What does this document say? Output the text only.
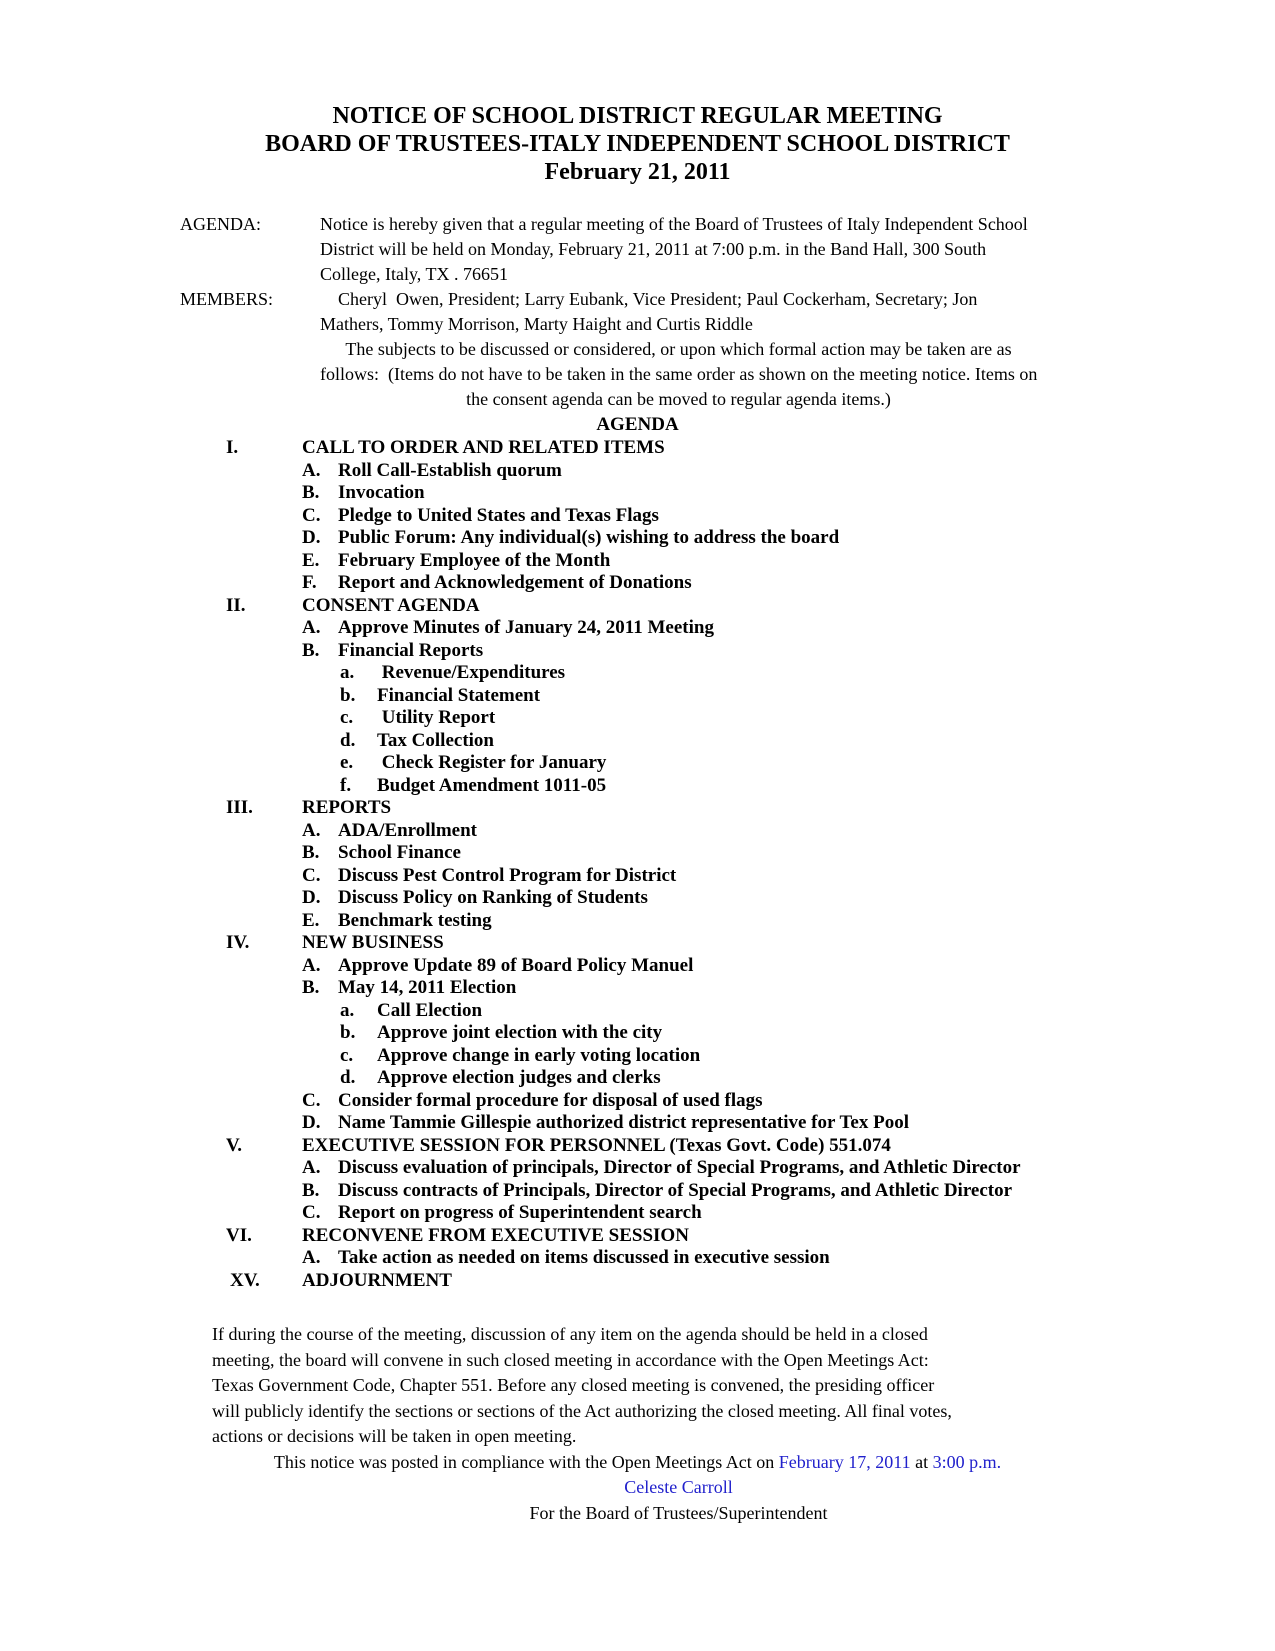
NOTICE OF SCHOOL DISTRICT REGULAR MEETING
BOARD OF TRUSTEES-ITALY INDEPENDENT SCHOOL DISTRICT
February 21, 2011
AGENDA:	Notice is hereby given that a regular meeting of the Board of Trustees of Italy Independent School
District will be held on Monday, February 21, 2011 at 7:00 p.m. in the Band Hall, 300 South
College, Italy, TX . 76651
MEMBERS:	Cheryl  Owen, President; Larry Eubank, Vice President; Paul Cockerham, Secretary; Jon
Mathers, Tommy Morrison, Marty Haight and Curtis Riddle
The subjects to be discussed or considered, or upon which formal action may be taken are as
follows:  (Items do not have to be taken in the same order as shown on the meeting notice. Items on
the consent agenda can be moved to regular agenda items.)
AGENDA
I.	CALL TO ORDER AND RELATED ITEMS
A. Roll Call-Establish quorum
B. Invocation
C. Pledge to United States and Texas Flags
D. Public Forum: Any individual(s) wishing to address the board
E. February Employee of the Month
F.	Report and Acknowledgement of Donations
II.	CONSENT AGENDA
A. Approve Minutes of January 24, 2011 Meeting
B. Financial Reports
a.	Revenue/Expenditures
b.	Financial Statement
c.	Utility Report
d.	Tax Collection
e.	Check Register for January
f.	Budget Amendment 1011-05
III.	REPORTS
A. ADA/Enrollment
B. School Finance
C. Discuss Pest Control Program for District
D. Discuss Policy on Ranking of Students
E. Benchmark testing
IV.	NEW BUSINESS
A. Approve Update 89 of Board Policy Manuel
B. May 14, 2011 Election
a.	Call Election
b.	Approve joint election with the city
c.	Approve change in early voting location
d.	Approve election judges and clerks
C. Consider formal procedure for disposal of used flags
D. Name Tammie Gillespie authorized district representative for Tex Pool
V.	EXECUTIVE SESSION FOR PERSONNEL (Texas Govt. Code) 551.074
A. Discuss evaluation of principals, Director of Special Programs, and Athletic Director
B. Discuss contracts of Principals, Director of Special Programs, and Athletic Director
C. Report on progress of Superintendent search
VI.	RECONVENE FROM EXECUTIVE SESSION
A. Take action as needed on items discussed in executive session
XV.	ADJOURNMENT
If during the course of the meeting, discussion of any item on the agenda should be held in a closed
meeting, the board will convene in such closed meeting in accordance with the Open Meetings Act:
Texas Government Code, Chapter 551. Before any closed meeting is convened, the presiding officer
will publicly identify the sections or sections of the Act authorizing the closed meeting. All final votes,
actions or decisions will be taken in open meeting.
This notice was posted in compliance with the Open Meetings Act on February 17, 2011 at 3:00 p.m.
Celeste Carroll
For the Board of Trustees/Superintendent
